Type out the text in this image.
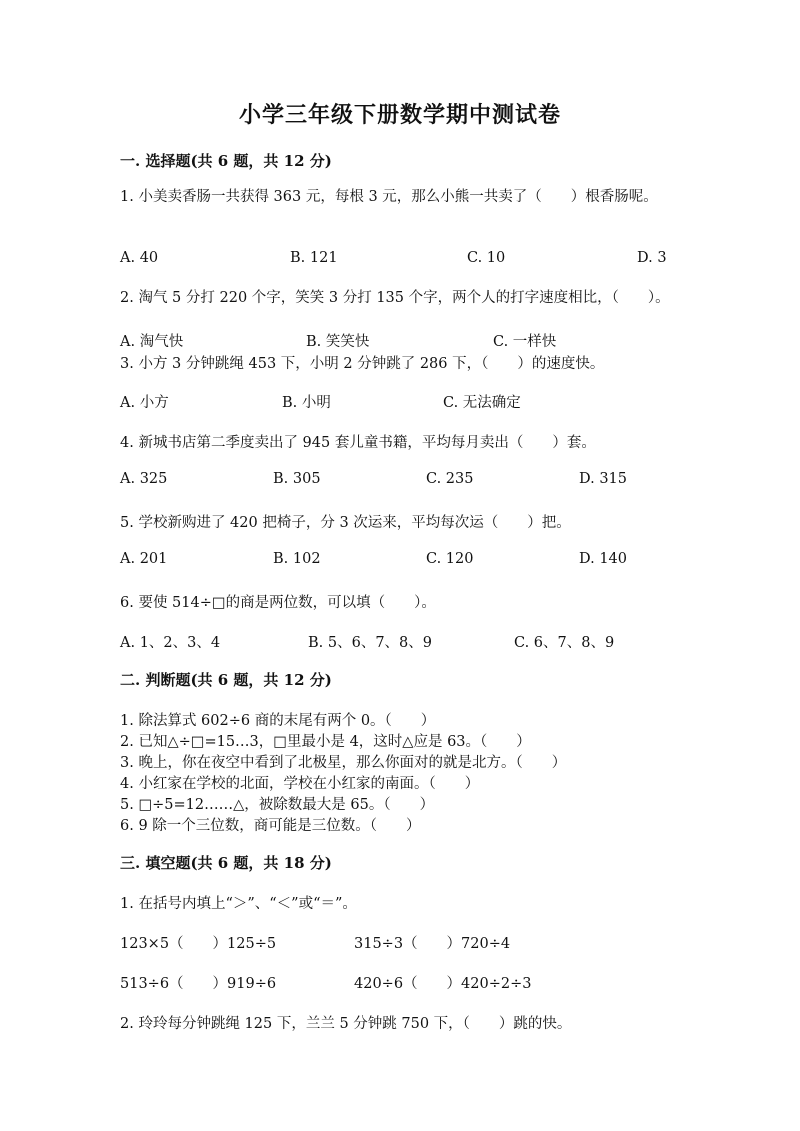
小学三年级下册数学期中测试卷
一. 选择题(共 6 题，共 12 分)
1. 小美卖香肠一共获得 363 元，每根 3 元，那么小熊一共卖了（　　）根香肠呢。
A. 40	B. 121	C. 10	D. 3
2. 淘气 5 分打 220 个字，笑笑 3 分打 135 个字，两个人的打字速度相比，（　　）。
A. 淘气快	B. 笑笑快	C. 一样快
3. 小方 3 分钟跳绳 453 下，小明 2 分钟跳了 286 下，（　　）的速度快。
A. 小方	B. 小明	C. 无法确定
4. 新城书店第二季度卖出了 945 套儿童书籍，平均每月卖出（　　）套。
A. 325	B. 305	C. 235	D. 315
5. 学校新购进了 420 把椅子，分 3 次运来，平均每次运（　　）把。
A. 201	B. 102	C. 120	D. 140
6. 要使 514÷□的商是两位数，可以填（　　）。
A. 1、2、3、4	B. 5、6、7、8、9	C. 6、7、8、9
二. 判断题(共 6 题，共 12 分)
1. 除法算式 602÷6 商的末尾有两个 0。（　　）
2. 已知△÷□=15…3，□里最小是 4，这时△应是 63。（　　）
3. 晚上，你在夜空中看到了北极星，那么你面对的就是北方。（　　）
4. 小红家在学校的北面，学校在小红家的南面。（　　）
5. □÷5=12……△，被除数最大是 65。（　　）
6. 9 除一个三位数，商可能是三位数。（　　）
三. 填空题(共 6 题，共 18 分)
1. 在括号内填上“＞”、“＜”或“＝”。
123×5（　　）125÷5	315÷3（　　）720÷4
513÷6（　　）919÷6	420÷6（　　）420÷2÷3
2. 玲玲每分钟跳绳 125 下，兰兰 5 分钟跳 750 下，（　　）跳的快。
